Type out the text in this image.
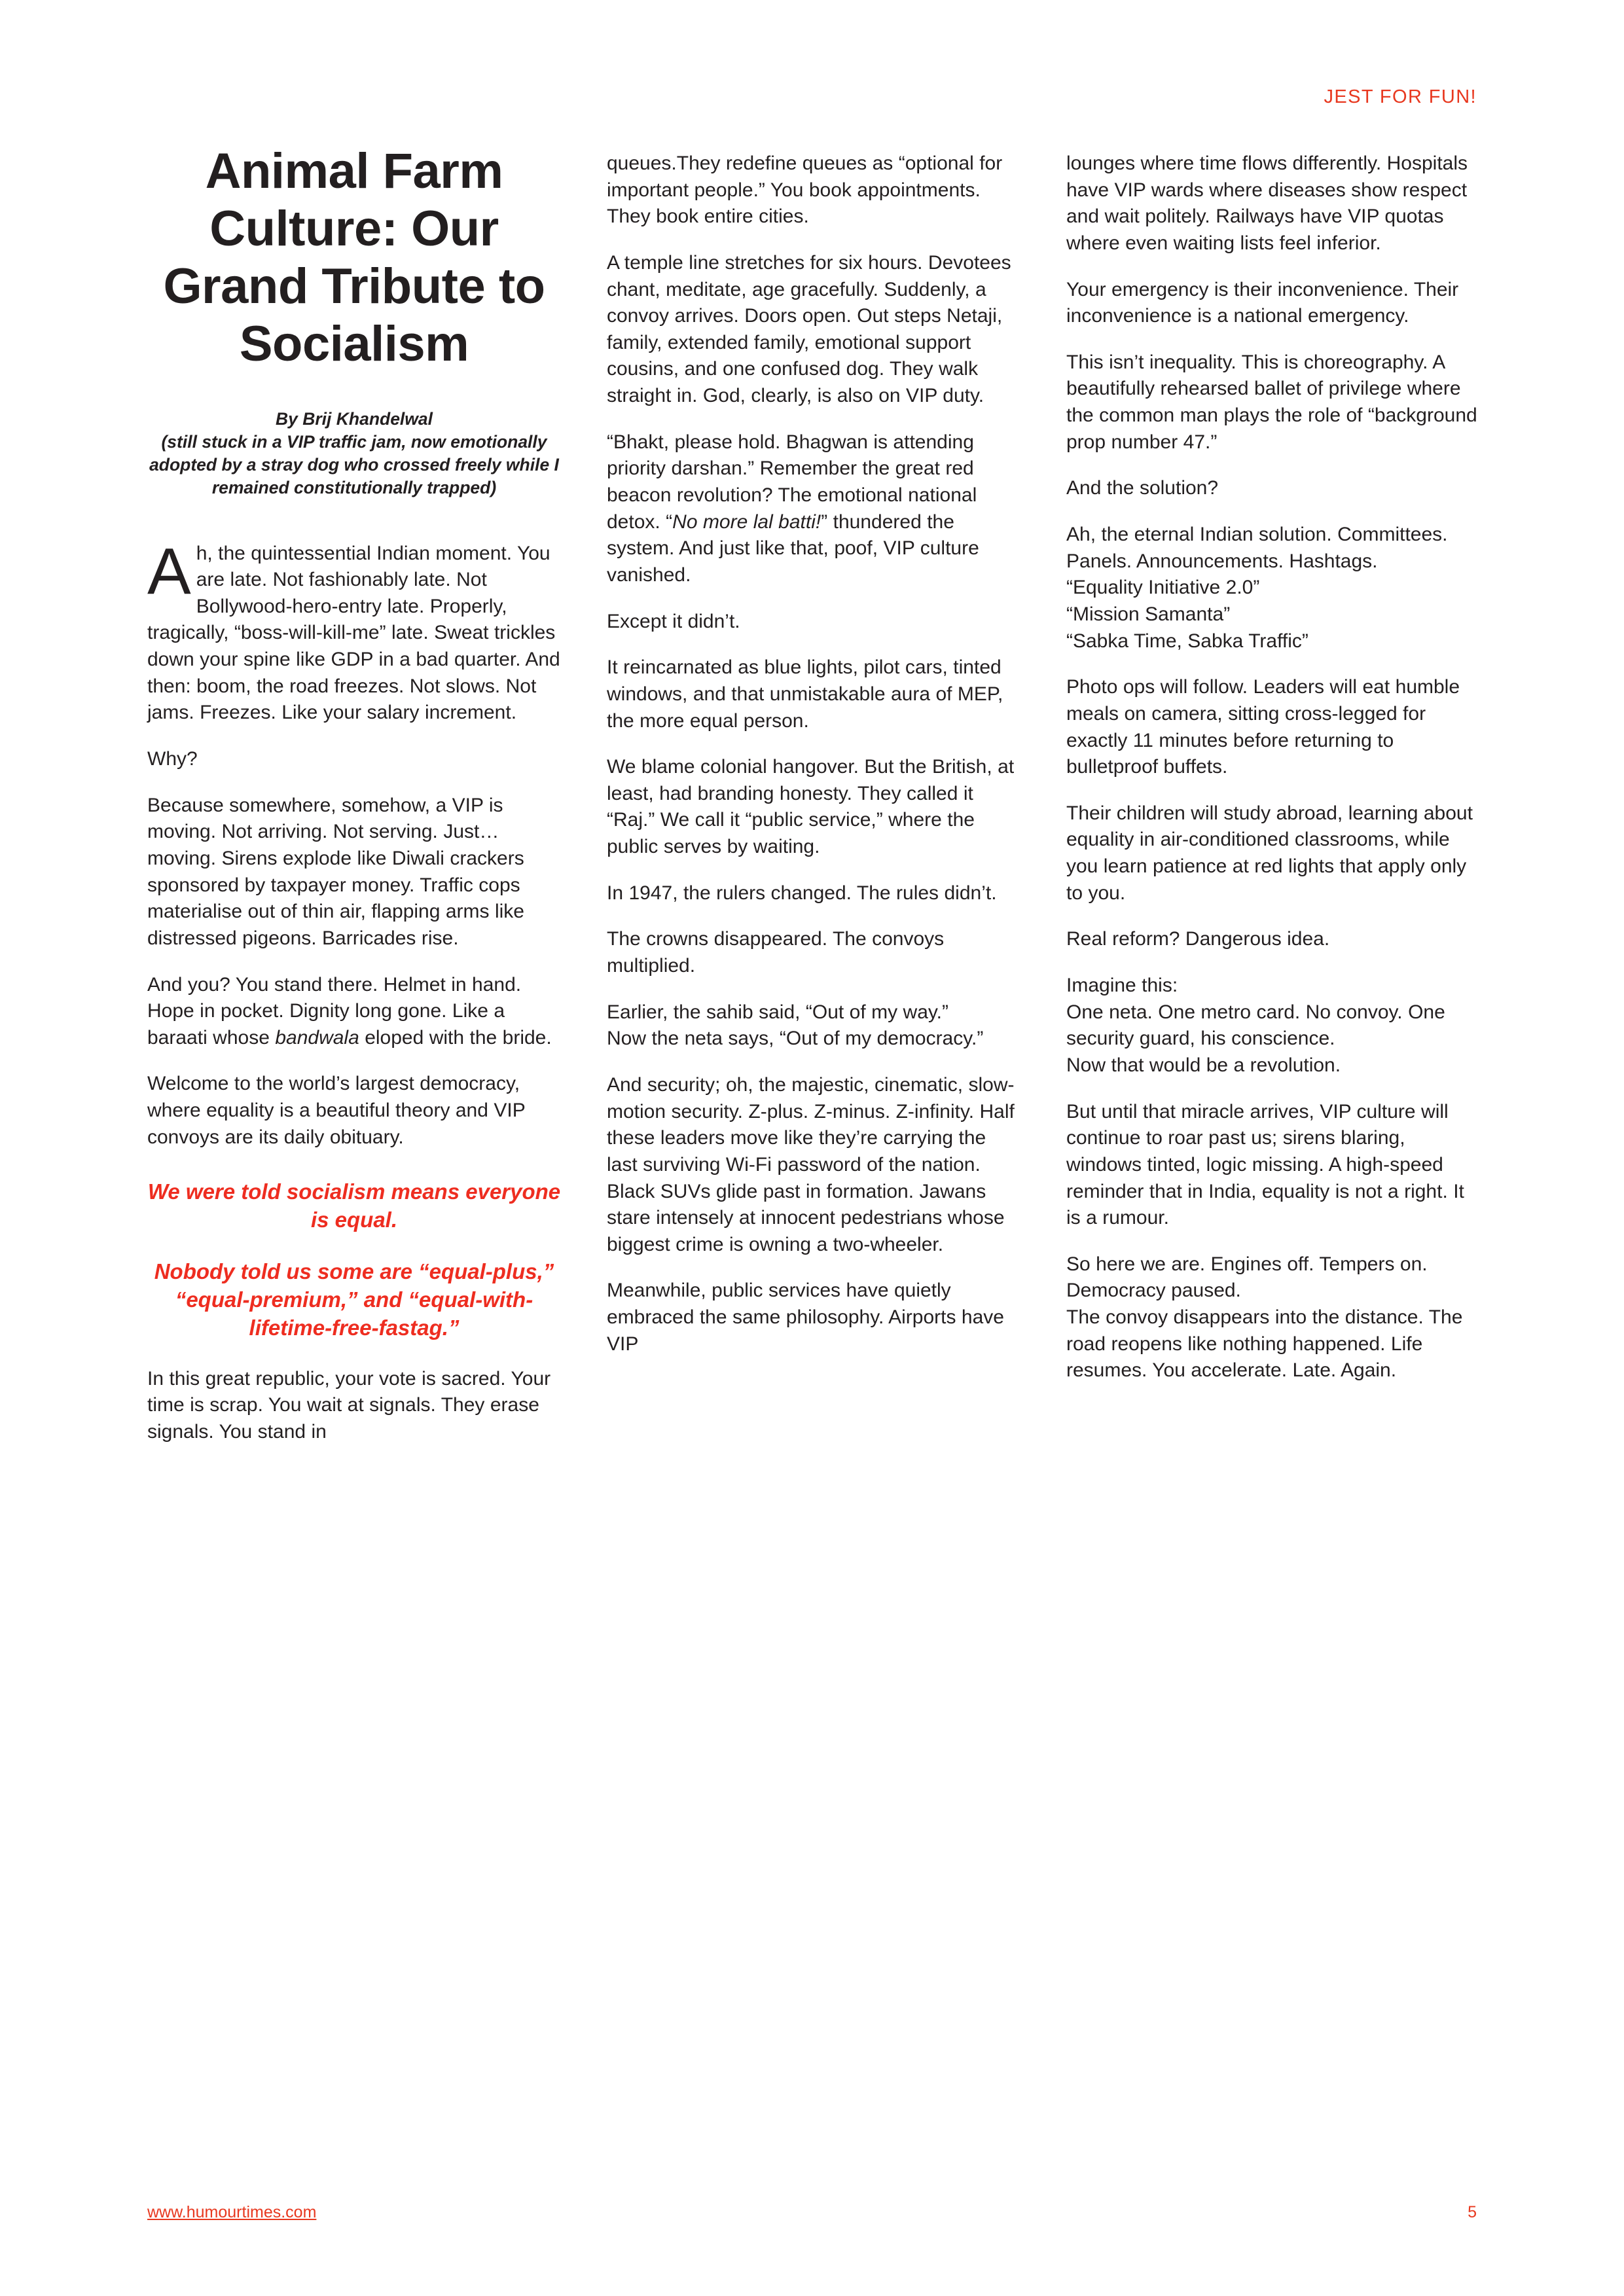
JEST FOR FUN!
Animal Farm Culture: Our Grand Tribute to Socialism
By Brij Khandelwal
(still stuck in a VIP traffic jam, now emotionally adopted by a stray dog who crossed freely while I remained constitutionally trapped)

A h, the quintessential Indian moment. You are late. Not fashionably late. Not Bollywood-hero-entry late. Properly, tragically, “boss-will-kill-me” late. Sweat trickles down your spine like GDP in a bad quarter. And then: boom, the road freezes. Not slows. Not jams. Freezes. Like your salary increment.

Why?

Because somewhere, somehow, a VIP is moving. Not arriving. Not serving. Just… moving. Sirens explode like Diwali crackers sponsored by taxpayer money. Traffic cops materialise out of thin air, flapping arms like distressed pigeons. Barricades rise.

And you? You stand there. Helmet in hand. Hope in pocket. Dignity long gone. Like a baraati whose bandwala eloped with the bride.

Welcome to the world’s largest democracy, where equality is a beautiful theory and VIP convoys are its daily obituary.

We were told socialism means everyone is equal.

Nobody told us some are “equal-plus,” “equal-premium,” and “equal-with-lifetime-free-fastag.”

In this great republic, your vote is sacred. Your time is scrap. You wait at signals. They erase signals. You stand in

queues.They redefine queues as “optional for important people.” You book appointments. They book entire cities.

A temple line stretches for six hours. Devotees chant, meditate, age gracefully. Suddenly, a convoy arrives. Doors open. Out steps Netaji, family, extended family, emotional support cousins, and one confused dog. They walk straight in. God, clearly, is also on VIP duty.

“Bhakt, please hold. Bhagwan is attending priority darshan.” Remember the great red beacon revolution? The emotional national detox. “No more lal batti!” thundered the system. And just like that, poof, VIP culture vanished.

Except it didn’t.

It reincarnated as blue lights, pilot cars, tinted windows, and that unmistakable aura of MEP, the more equal person.

We blame colonial hangover. But the British, at least, had branding honesty. They called it “Raj.” We call it “public service,” where the public serves by waiting.

In 1947, the rulers changed. The rules didn’t.

The crowns disappeared. The convoys multiplied.

Earlier, the sahib said, “Out of my way.”
Now the neta says, “Out of my democracy.”

And security; oh, the majestic, cinematic, slow-motion security. Z-plus. Z-minus. Z-infinity. Half these leaders move like they’re carrying the last surviving Wi-Fi password of the nation. Black SUVs glide past in formation. Jawans stare intensely at innocent pedestrians whose biggest crime is owning a two-wheeler.

Meanwhile, public services have quietly embraced the same philosophy. Airports have VIP

lounges where time flows differently. Hospitals have VIP wards where diseases show respect and wait politely. Railways have VIP quotas where even waiting lists feel inferior.

Your emergency is their inconvenience. Their inconvenience is a national emergency.

This isn’t inequality. This is choreography. A beautifully rehearsed ballet of privilege where the common man plays the role of “background prop number 47.”

And the solution?

Ah, the eternal Indian solution. Committees. Panels. Announcements. Hashtags.
“Equality Initiative 2.0”
“Mission Samanta”
“Sabka Time, Sabka Traffic”

Photo ops will follow. Leaders will eat humble meals on camera, sitting cross-legged for exactly 11 minutes before returning to bulletproof buffets.

Their children will study abroad, learning about equality in air-conditioned classrooms, while you learn patience at red lights that apply only to you.

Real reform? Dangerous idea.

Imagine this:
One neta. One metro card. No convoy. One security guard, his conscience.
Now that would be a revolution.

But until that miracle arrives, VIP culture will continue to roar past us; sirens blaring, windows tinted, logic missing. A high-speed reminder that in India, equality is not a right. It is a rumour.

So here we are. Engines off. Tempers on. Democracy paused.
The convoy disappears into the distance. The road reopens like nothing happened. Life resumes. You accelerate. Late. Again.

www.humourtimes.com	5
